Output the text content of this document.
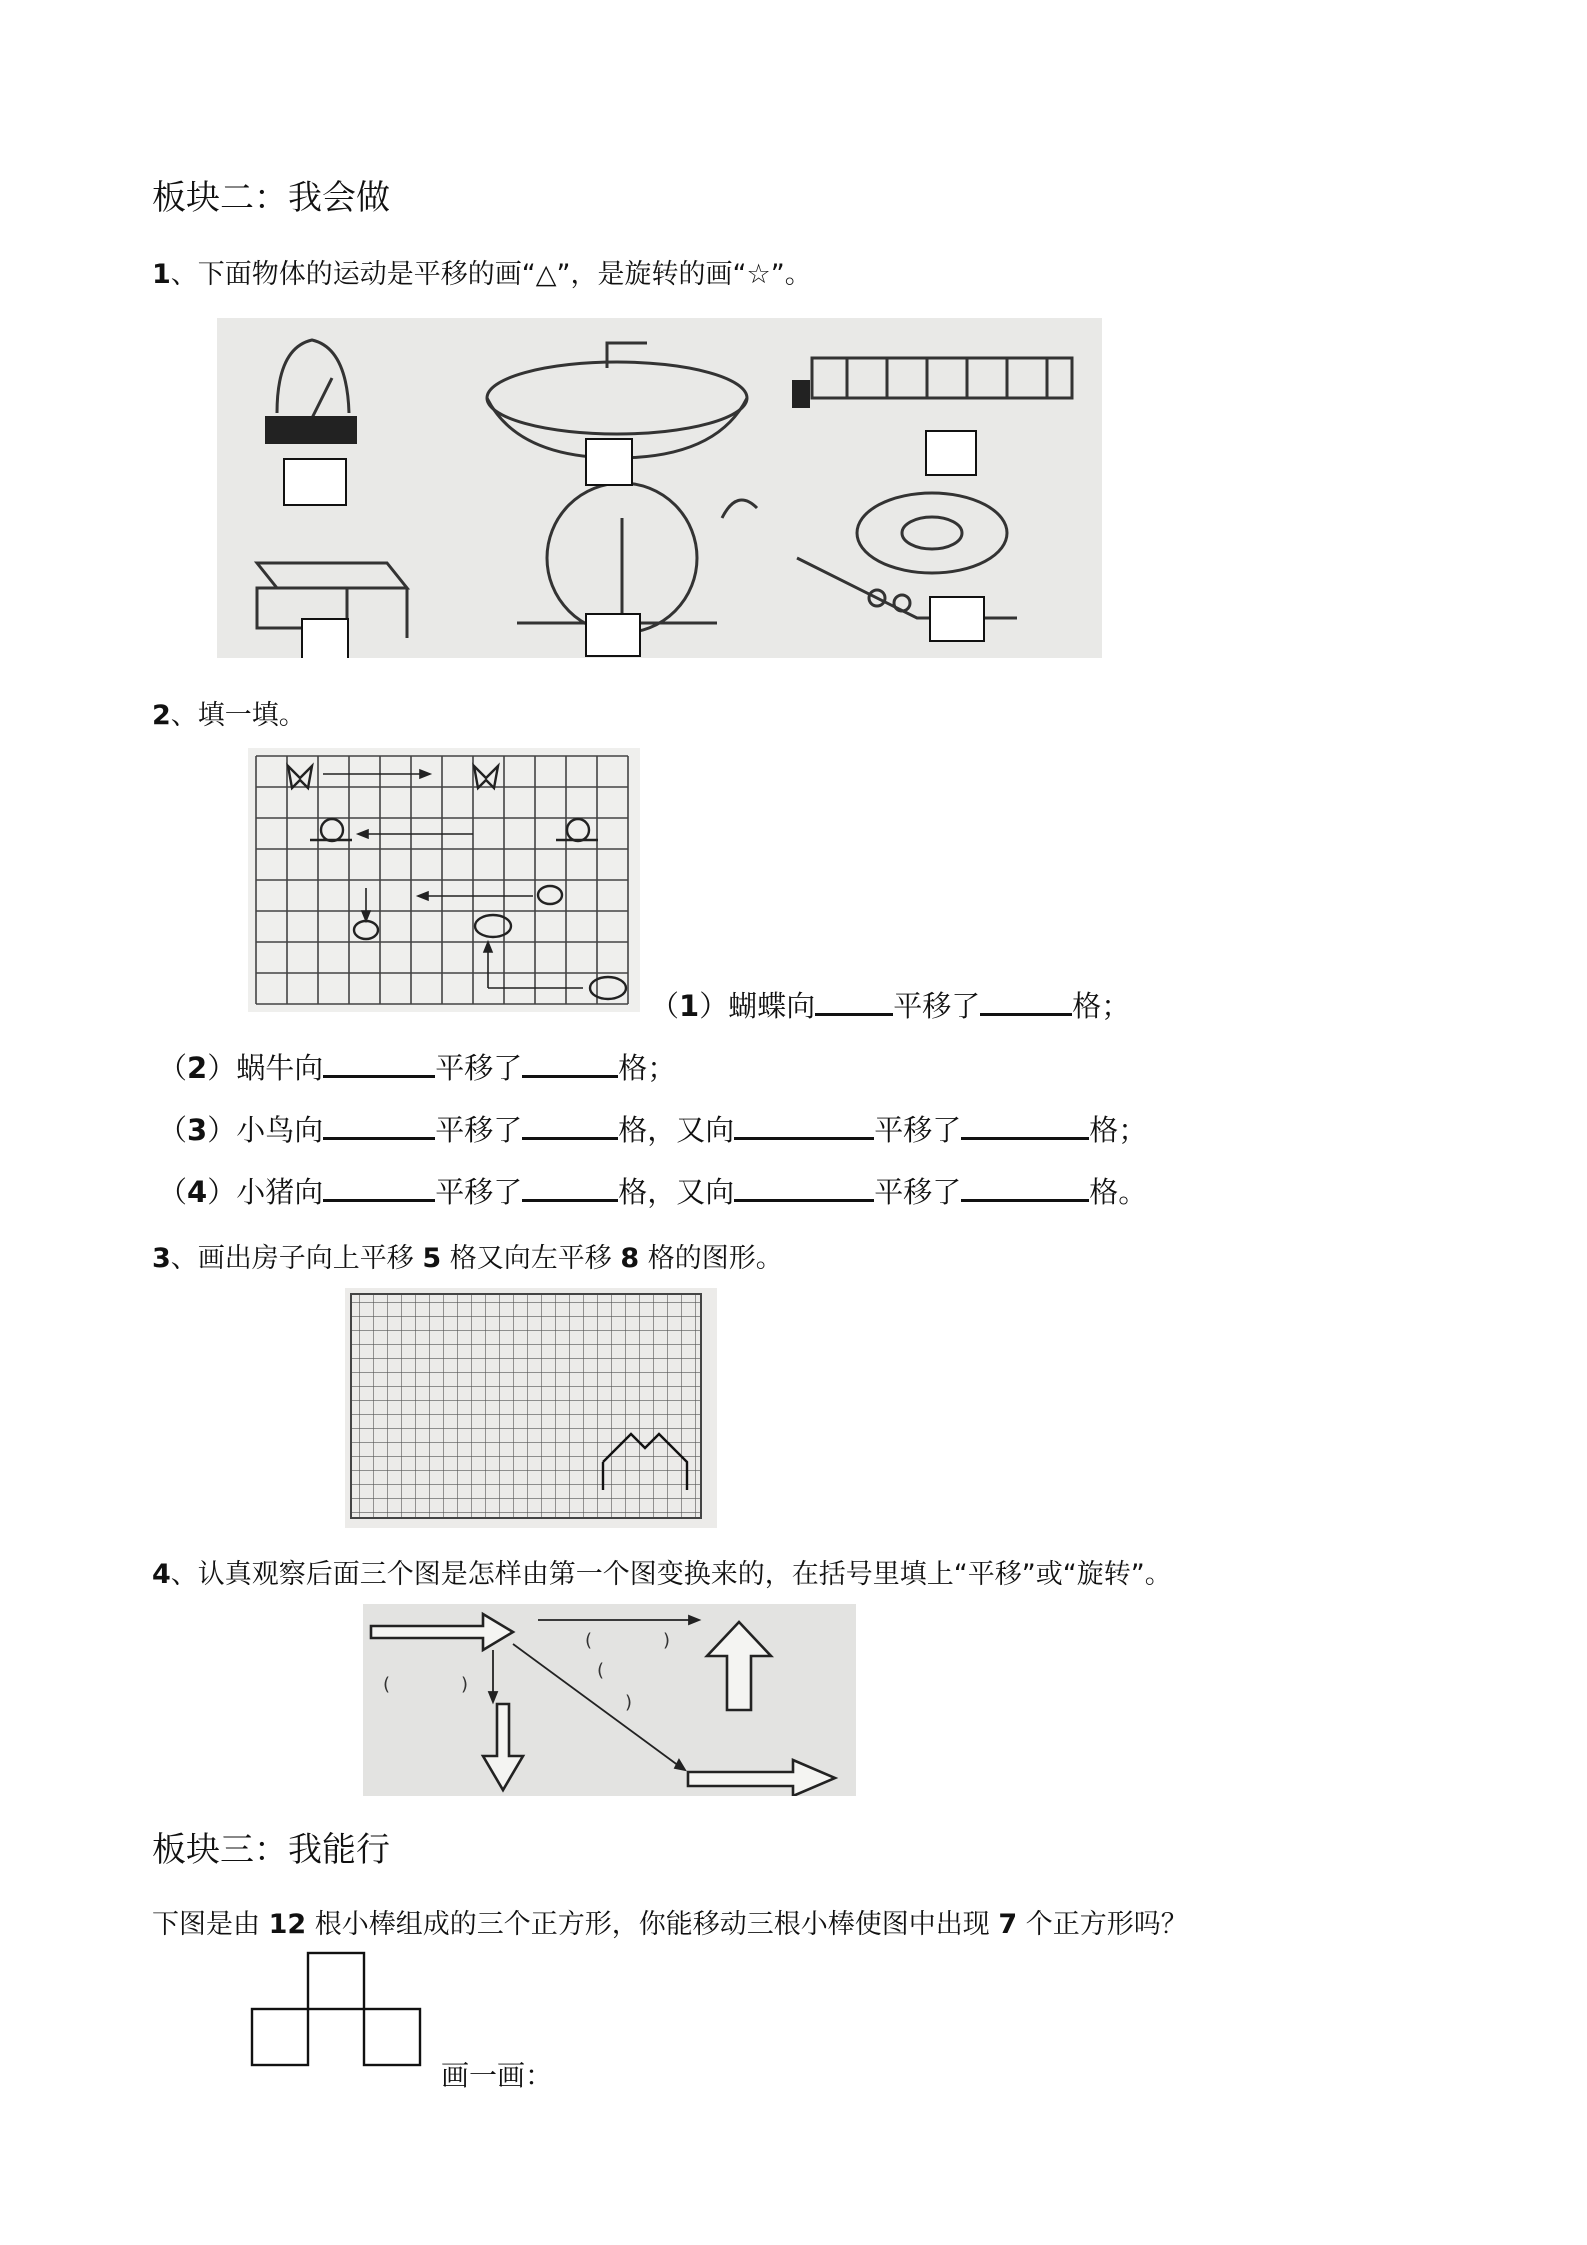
板块二：我会做
1、下面物体的运动是平移的画“△”，是旋转的画“☆”。
2、填一填。
（1）蝴蝶向	平移了	格；
（2）蜗牛向	平移了	格；
（3）小鸟向	平移了	格，又向	平移了	格；
（4）小猪向	平移了	格，又向	平移了	格。
3、画出房子向上平移 5 格又向左平移 8 格的图形。
4、认真观察后面三个图是怎样由第一个图变换来的，在括号里填上“平移”或“旋转”。
(	)
(	)
(
)
板块三：我能行
下图是由 12 根小棒组成的三个正方形，你能移动三根小棒使图中出现 7 个正方形吗？
画一画：
